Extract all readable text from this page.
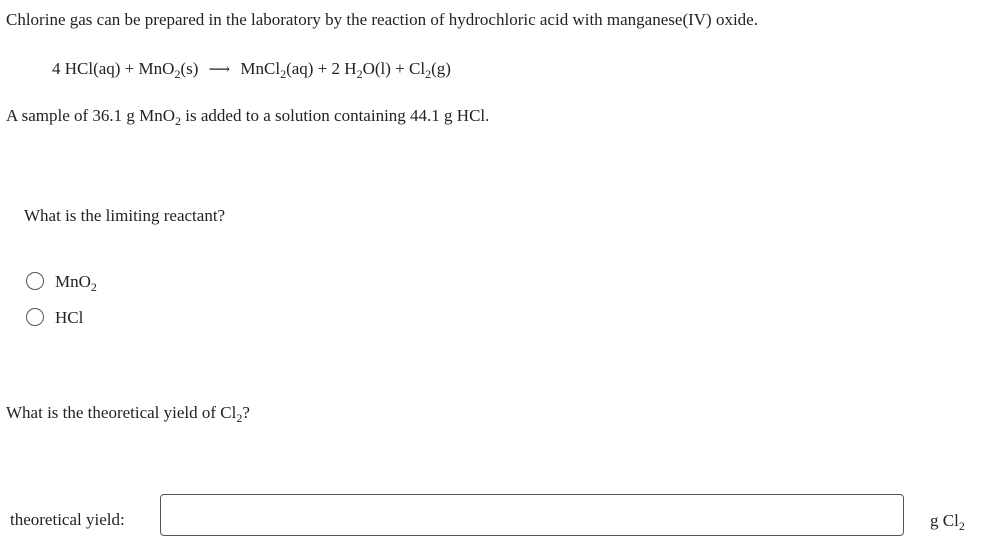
Chlorine gas can be prepared in the laboratory by the reaction of hydrochloric acid with manganese(IV) oxide.
4 HCl(aq) + MnO$_2$(s) ⟶ MnCl$_2$(aq) + 2 $H_2O(l) + Cl_2(g)$
A sample of 36.1 g MnO$_2$ is added to a solution containing 44.1 g HCl.
What is the limiting reactant?
MnO$_2$
HCl
What is the theoretical yield of $Cl_2$?
theoretical yield:	g $Cl_2$
